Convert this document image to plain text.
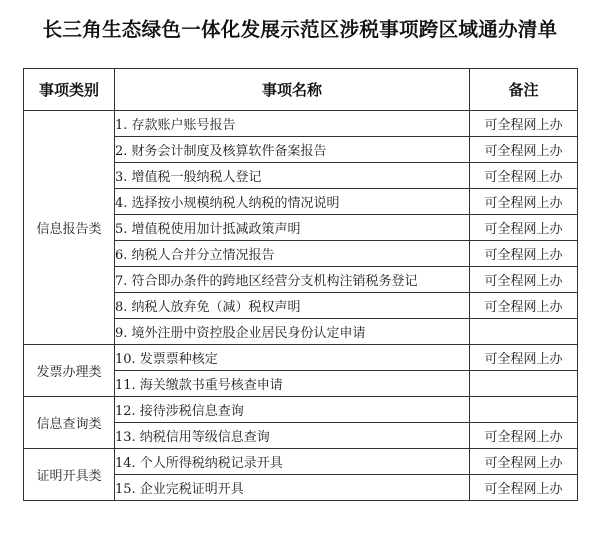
长三角生态绿色一体化发展示范区涉税事项跨区域通办清单
事项类别	事项名称	备注
信息报告类	1. 存款账户账号报告	可全程网上办
	2. 财务会计制度及核算软件备案报告	可全程网上办
	3. 增值税一般纳税人登记	可全程网上办
	4. 选择按小规模纳税人纳税的情况说明	可全程网上办
	5. 增值税使用加计抵减政策声明	可全程网上办
	6. 纳税人合并分立情况报告	可全程网上办
	7. 符合即办条件的跨地区经营分支机构注销税务登记	可全程网上办
	8. 纳税人放弃免（减）税权声明	可全程网上办
	9. 境外注册中资控股企业居民身份认定申请	
发票办理类	10. 发票票种核定	可全程网上办
	11. 海关缴款书重号核查申请	
信息查询类	12. 接待涉税信息查询	
	13. 纳税信用等级信息查询	可全程网上办
证明开具类	14. 个人所得税纳税记录开具	可全程网上办
	15. 企业完税证明开具	可全程网上办
